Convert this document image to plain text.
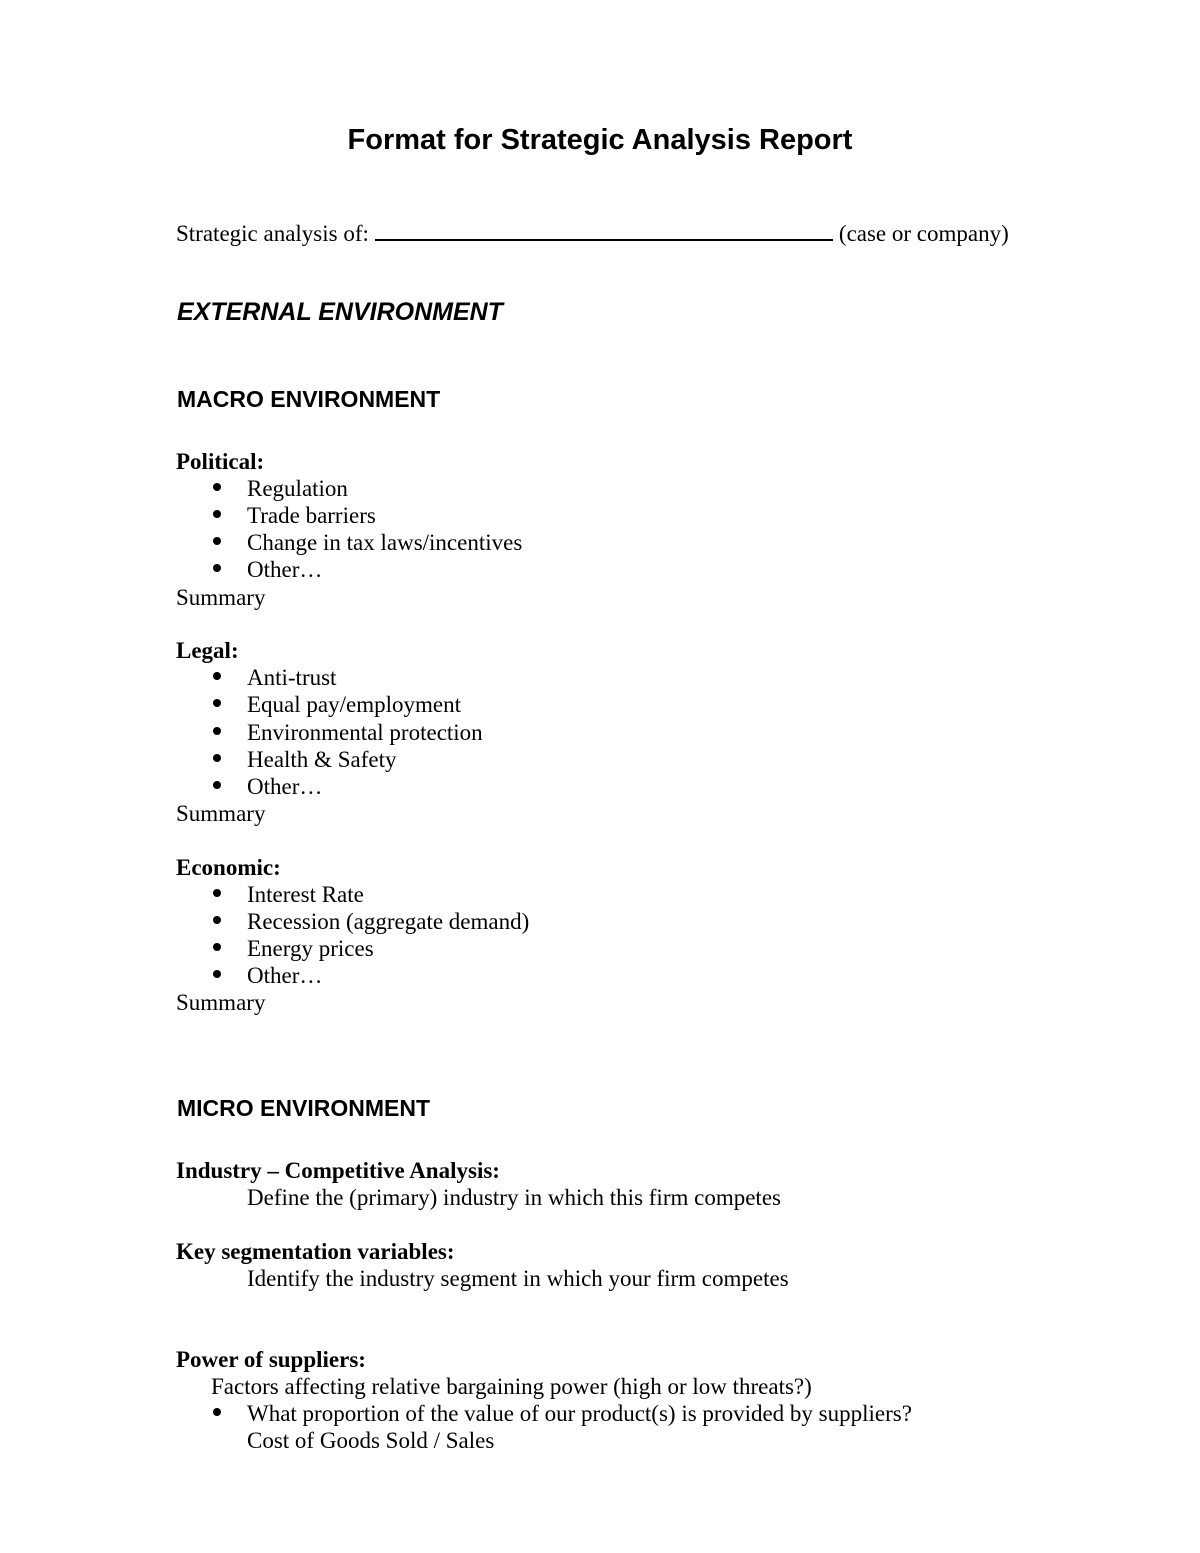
Format for Strategic Analysis Report
Strategic analysis of:	(case or company)
EXTERNAL ENVIRONMENT
MACRO ENVIRONMENT
Political:
Regulation
Trade barriers
Change in tax laws/incentives
Other…
Summary
Legal:
Anti-trust
Equal pay/employment
Environmental protection
Health & Safety
Other…
Summary
Economic:
Interest Rate
Recession (aggregate demand)
Energy prices
Other…
Summary
MICRO ENVIRONMENT
Industry – Competitive Analysis:
Define the (primary) industry in which this firm competes
Key segmentation variables:
Identify the industry segment in which your firm competes
Power of suppliers:
Factors affecting relative bargaining power (high or low threats?)
What proportion of the value of our product(s) is provided by suppliers?
Cost of Goods Sold / Sales
